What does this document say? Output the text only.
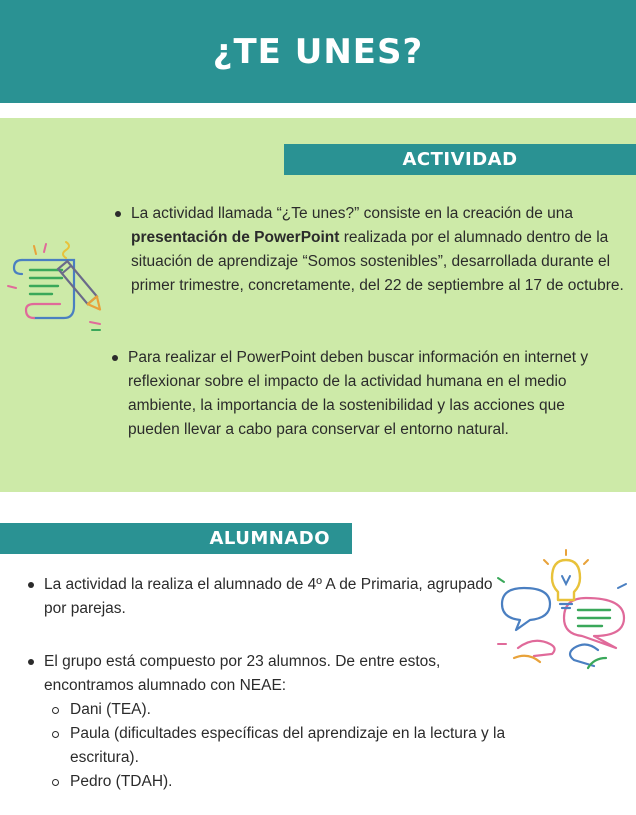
¿TE UNES?
ACTIVIDAD
La actividad llamada “¿Te unes?” consiste en la creación de una presentación de PowerPoint realizada por el alumnado dentro de la situación de aprendizaje “Somos sostenibles”, desarrollada durante el primer trimestre, concretamente, del 22 de septiembre al 17 de octubre.
Para realizar el PowerPoint deben buscar información en internet y reflexionar sobre el impacto de la actividad humana en el medio ambiente, la importancia de la sostenibilidad y las acciones que pueden llevar a cabo para conservar el entorno natural.
ALUMNADO
La actividad la realiza el alumnado de 4º A de Primaria, agrupado por parejas.
El grupo está compuesto por 23 alumnos. De entre estos, encontramos alumnado con NEAE:
Dani (TEA).
Paula (dificultades específicas del aprendizaje en la lectura y la escritura).
Pedro (TDAH).
